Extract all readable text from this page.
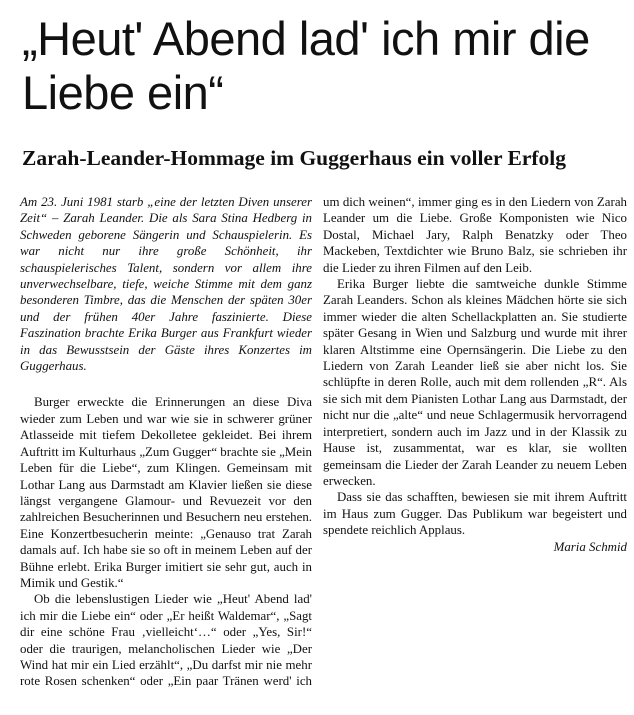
„Heut' Abend lad' ich mir die Liebe ein“
Zarah-Leander-Hommage im Guggerhaus ein voller Erfolg

Am 23. Juni 1981 starb „eine der letzten Diven unserer Zeit“ – Zarah Leander. Die als Sara Stina Hedberg in Schweden geborene Sängerin und Schauspielerin. Es war nicht nur ihre große Schönheit, ihr schauspielerisches Talent, sondern vor allem ihre unverwechselbare, tiefe, weiche Stimme mit dem ganz besonderen Timbre, das die Menschen der späten 30er und der frühen 40er Jahre faszinierte. Diese Faszination brachte Erika Burger aus Frankfurt wieder in das Bewusstsein der Gäste ihres Konzertes im Guggerhaus.

Burger erweckte die Erinnerungen an diese Diva wieder zum Leben und war wie sie in schwerer grüner Atlasseide mit tiefem Dekolletee gekleidet. Bei ihrem Auftritt im Kulturhaus „Zum Gugger“ brachte sie „Mein Leben für die Liebe“, zum Klingen. Gemeinsam mit Lothar Lang aus Darmstadt am Klavier ließen sie diese längst vergangene Glamour- und Revuezeit vor den zahlreichen Besucherinnen und Besuchern neu erstehen. Eine Konzertbesucherin meinte: „Genauso trat Zarah damals auf. Ich habe sie so oft in meinem Leben auf der Bühne erlebt. Erika Burger imitiert sie sehr gut, auch in Mimik und Gestik.“

Ob die lebenslustigen Lieder wie „Heut' Abend lad' ich mir die Liebe ein“ oder „Er heißt Waldemar“, „Sagt dir eine schöne Frau ‚vielleicht‘…“ oder „Yes, Sir!“ oder die traurigen, melancholischen Lieder wie „Der Wind hat mir ein Lied erzählt“, „Du darfst mir nie mehr rote Rosen schenken“ oder „Ein paar Tränen werd' ich

um dich weinen“, immer ging es in den Liedern von Zarah Leander um die Liebe. Große Komponisten wie Nico Dostal, Michael Jary, Ralph Benatzky oder Theo Mackeben, Textdichter wie Bruno Balz, sie schrieben ihr die Lieder zu ihren Filmen auf den Leib.

Erika Burger liebte die samtweiche dunkle Stimme Zarah Leanders. Schon als kleines Mädchen hörte sie sich immer wieder die alten Schellackplatten an. Sie studierte später Gesang in Wien und Salzburg und wurde mit ihrer klaren Altstimme eine Opernsängerin. Die Liebe zu den Liedern von Zarah Leander ließ sie aber nicht los. Sie schlüpfte in deren Rolle, auch mit dem rollenden „R“. Als sie sich mit dem Pianisten Lothar Lang aus Darmstadt, der nicht nur die „alte“ und neue Schlagermusik hervorragend interpretiert, sondern auch im Jazz und in der Klassik zu Hause ist, zusammentat, war es klar, sie wollten gemeinsam die Lieder der Zarah Leander zu neuem Leben erwecken.

Dass sie das schafften, bewiesen sie mit ihrem Auftritt im Haus zum Gugger. Das Publikum war begeistert und spendete reichlich Applaus.

Maria Schmid
